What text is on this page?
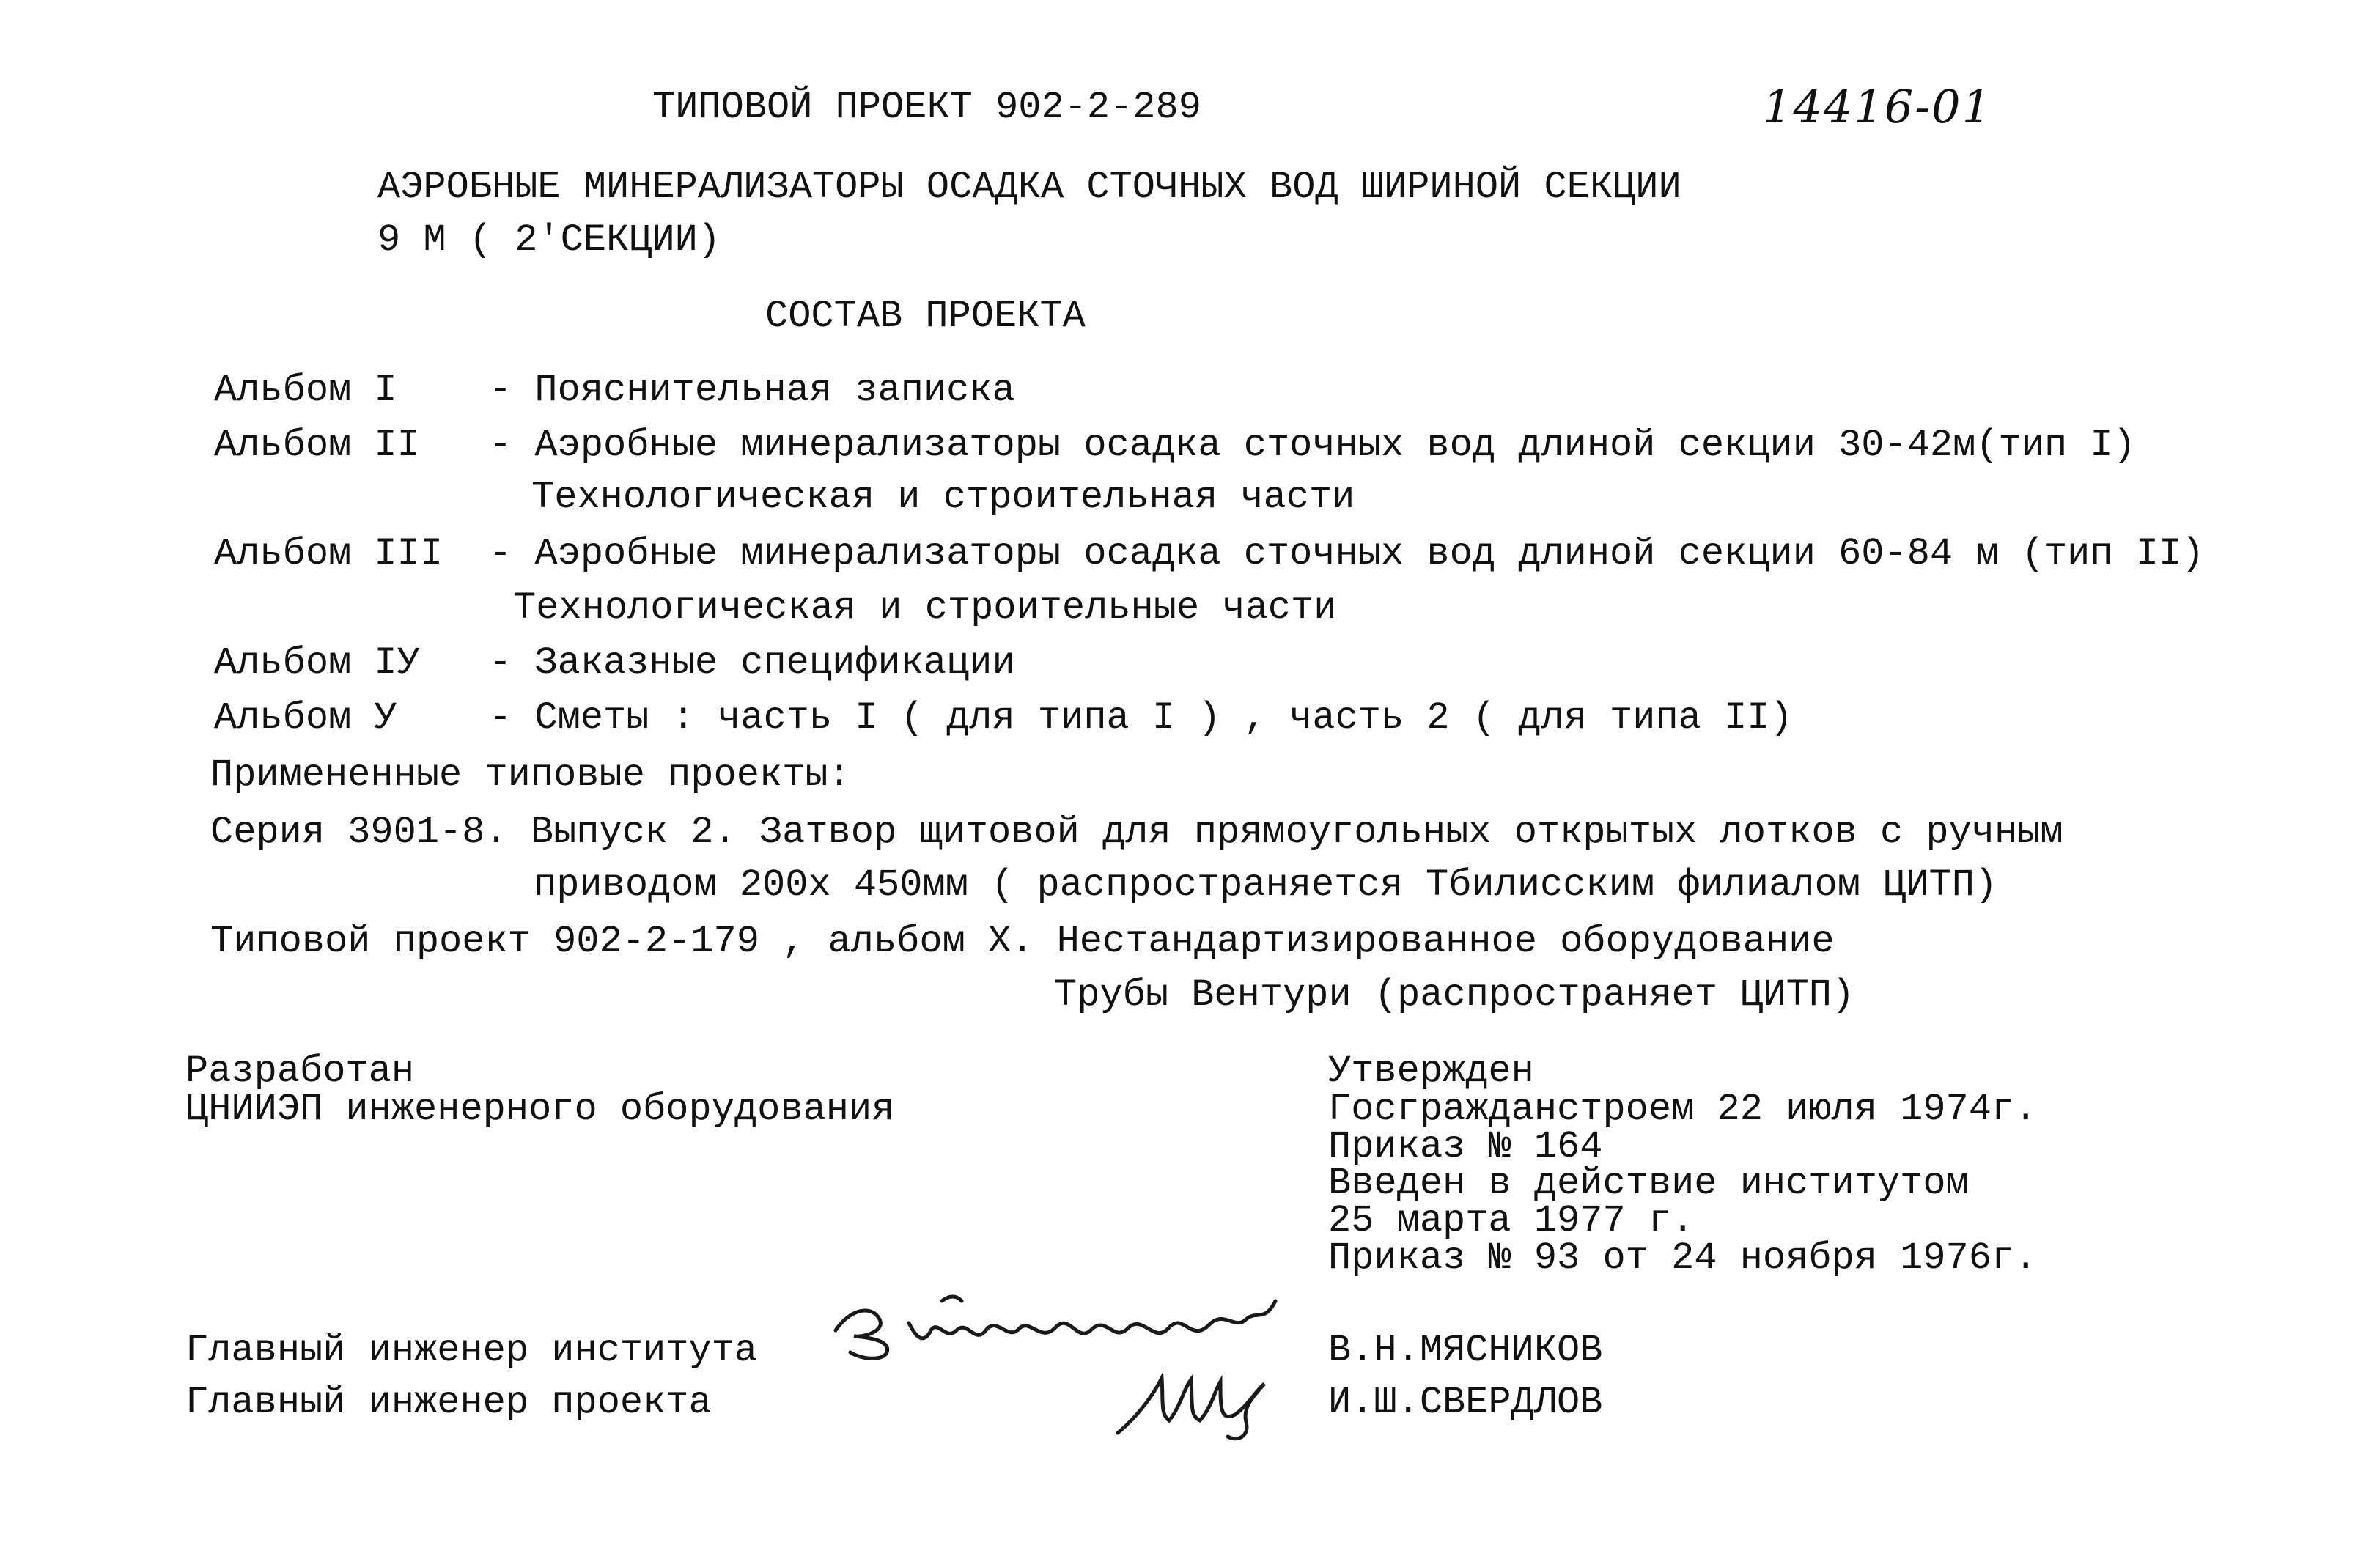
ТИПОВОЙ ПРОЕКТ 902-2-289	14416-01
АЭРОБНЫЕ МИНЕРАЛИЗАТОРЫ ОСАДКА СТОЧНЫХ ВОД ШИРИНОЙ СЕКЦИИ
9 М ( 2'СЕКЦИИ)
СОСТАВ ПРОЕКТА
Альбом I - Пояснительная записка
Альбом II - Аэробные минерализаторы осадка сточных вод длиной секции 30-42м(тип I)
Технологическая и строительная части
Альбом III - Аэробные минерализаторы осадка сточных вод длиной секции 60-84 м (тип II)
Технологическая и строительные части
Альбом IУ - Заказные спецификации
Альбом У - Сметы : часть I ( для типа I ) , часть 2 ( для типа II)
Примененные типовые проекты:
Серия 3901-8. Выпуск 2. Затвор щитовой для прямоугольных открытых лотков с ручным
приводом 200х 450мм ( распространяется Тбилисским филиалом ЦИТП)
Типовой проект 902-2-179 , альбом X. Нестандартизированное оборудование
Трубы Вентури (распространяет ЦИТП)
Разработан
ЦНИИЭП инженерного оборудования
Утвержден
Госгражданстроем 22 июля 1974г.
Приказ № 164
Введен в действие институтом
25 марта 1977 г.
Приказ № 93 от 24 ноября 1976г.
Главный инженер института	В.Н.МЯСНИКОВ
Главный инженер проекта	И.Ш.СВЕРДЛОВ
